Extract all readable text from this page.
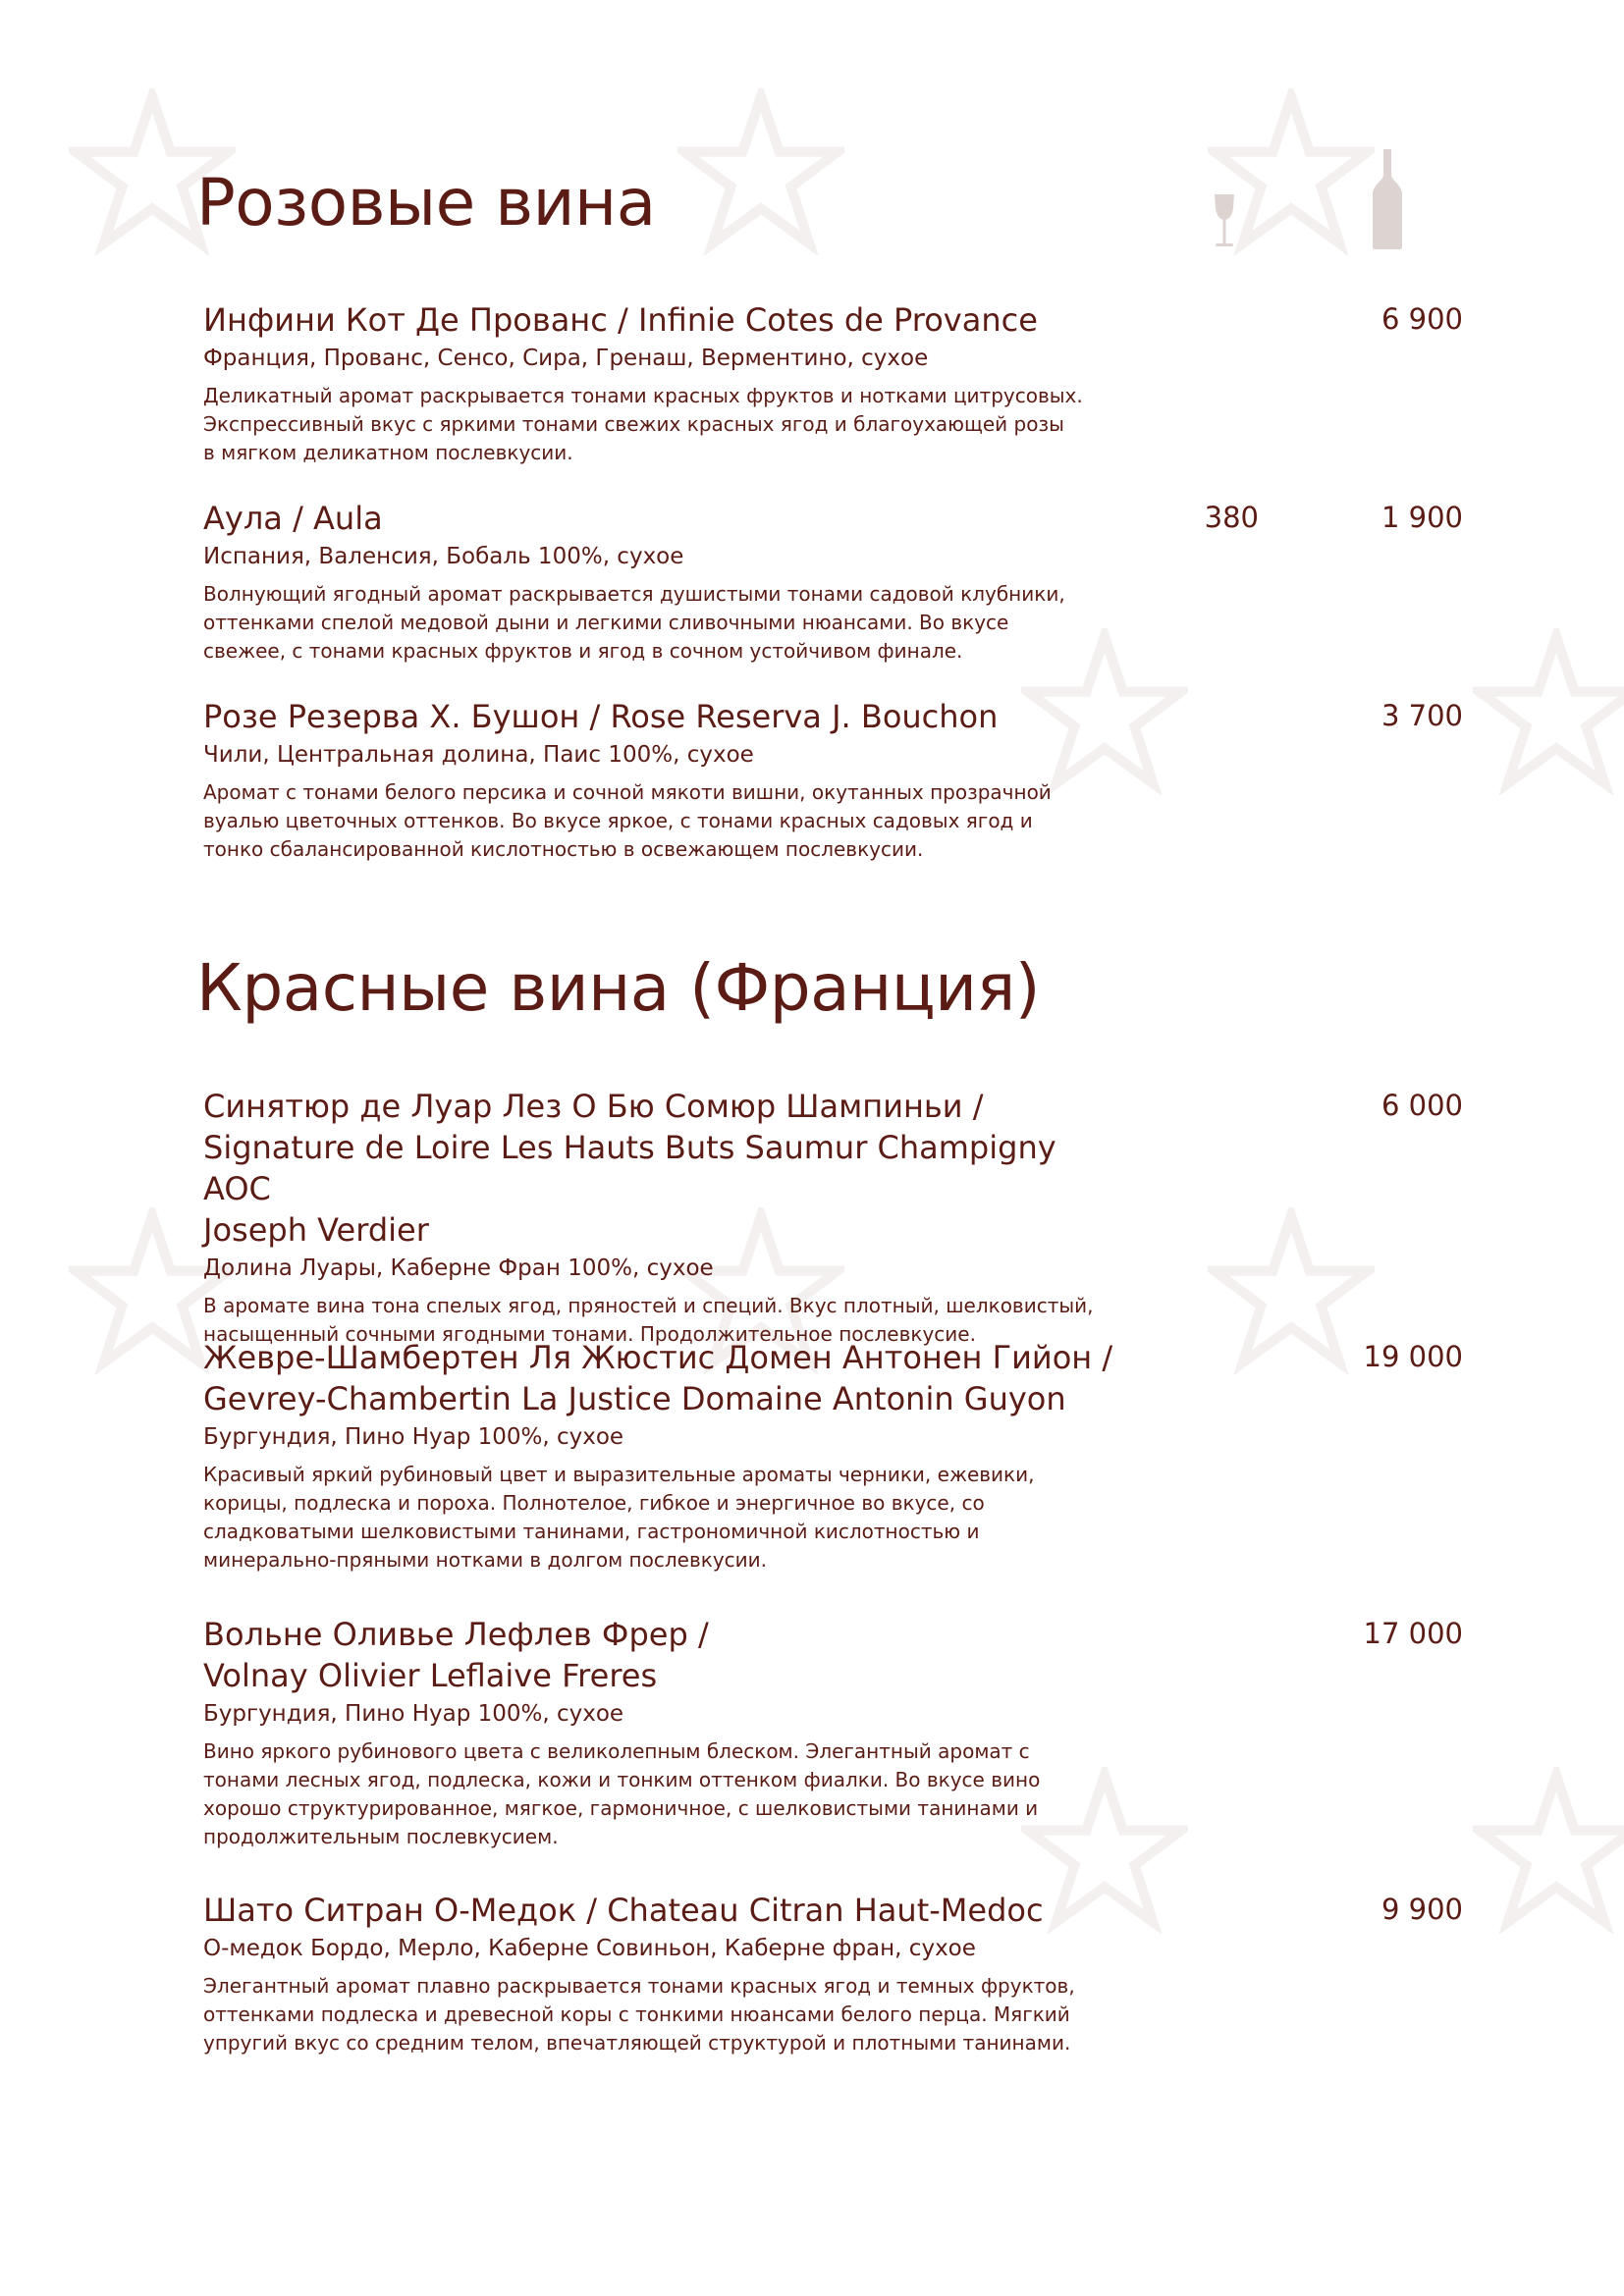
Розовые вина
Инфини Кот Де Прованс / Infinie Cotes de Provance
Франция, Прованс, Сенсо, Сира, Гренаш, Верментино, сухое
Деликатный аромат раскрывается тонами красных фруктов и нотками цитрусовых.
Экспрессивный вкус с яркими тонами свежих красных ягод и благоухающей розы
в мягком деликатном послевкусии.
6 900
Аула / Aula
Испания, Валенсия, Бобаль 100%, сухое
Волнующий ягодный аромат раскрывается душистыми тонами садовой клубники,
оттенками спелой медовой дыни и легкими сливочными нюансами. Во вкусе
свежее, с тонами красных фруктов и ягод в сочном устойчивом финале.
380	1 900
Розе Резерва Х. Бушон / Rose Reserva J. Bouchon
Чили, Центральная долина, Паис 100%, сухое
Аромат с тонами белого персика и сочной мякоти вишни, окутанных прозрачной
вуалью цветочных оттенков. Во вкусе яркое, с тонами красных садовых ягод и
тонко сбалансированной кислотностью в освежающем послевкусии.
3 700
Красные вина (Франция)
Синятюр де Луар Лез О Бю Сомюр Шампиньи /
Signature de Loire Les Hauts Buts Saumur Champigny AOC
Joseph Verdier
Долина Луары, Каберне Фран 100%, сухое
В аромате вина тона спелых ягод, пряностей и специй. Вкус плотный, шелковистый,
насыщенный сочными ягодными тонами. Продолжительное послевкусие.
6 000
Жевре-Шамбертен Ля Жюстис Домен Антонен Гийон /
Gevrey-Chambertin La Justice Domaine Antonin Guyon
Бургундия, Пино Нуар 100%, сухое
Красивый яркий рубиновый цвет и выразительные ароматы черники, ежевики,
корицы, подлеска и пороха. Полнотелое, гибкое и энергичное во вкусе, со
сладковатыми шелковистыми танинами, гастрономичной кислотностью и
минерально-пряными нотками в долгом послевкусии.
19 000
Вольне Оливье Лефлев Фрер /
Volnay Olivier Leflaive Freres
Бургундия, Пино Нуар 100%, сухое
Вино яркого рубинового цвета с великолепным блеском. Элегантный аромат с
тонами лесных ягод, подлеска, кожи и тонким оттенком фиалки. Во вкусе вино
хорошо структурированное, мягкое, гармоничное, с шелковистыми танинами и
продолжительным послевкусием.
17 000
Шато Ситран О-Медок / Chateau Citran Haut-Medoc
О-медок Бордо, Мерло, Каберне Совиньон, Каберне фран, сухое
Элегантный аромат плавно раскрывается тонами красных ягод и темных фруктов,
оттенками подлеска и древесной коры с тонкими нюансами белого перца. Мягкий
упругий вкус со средним телом, впечатляющей структурой и плотными танинами.
9 900
